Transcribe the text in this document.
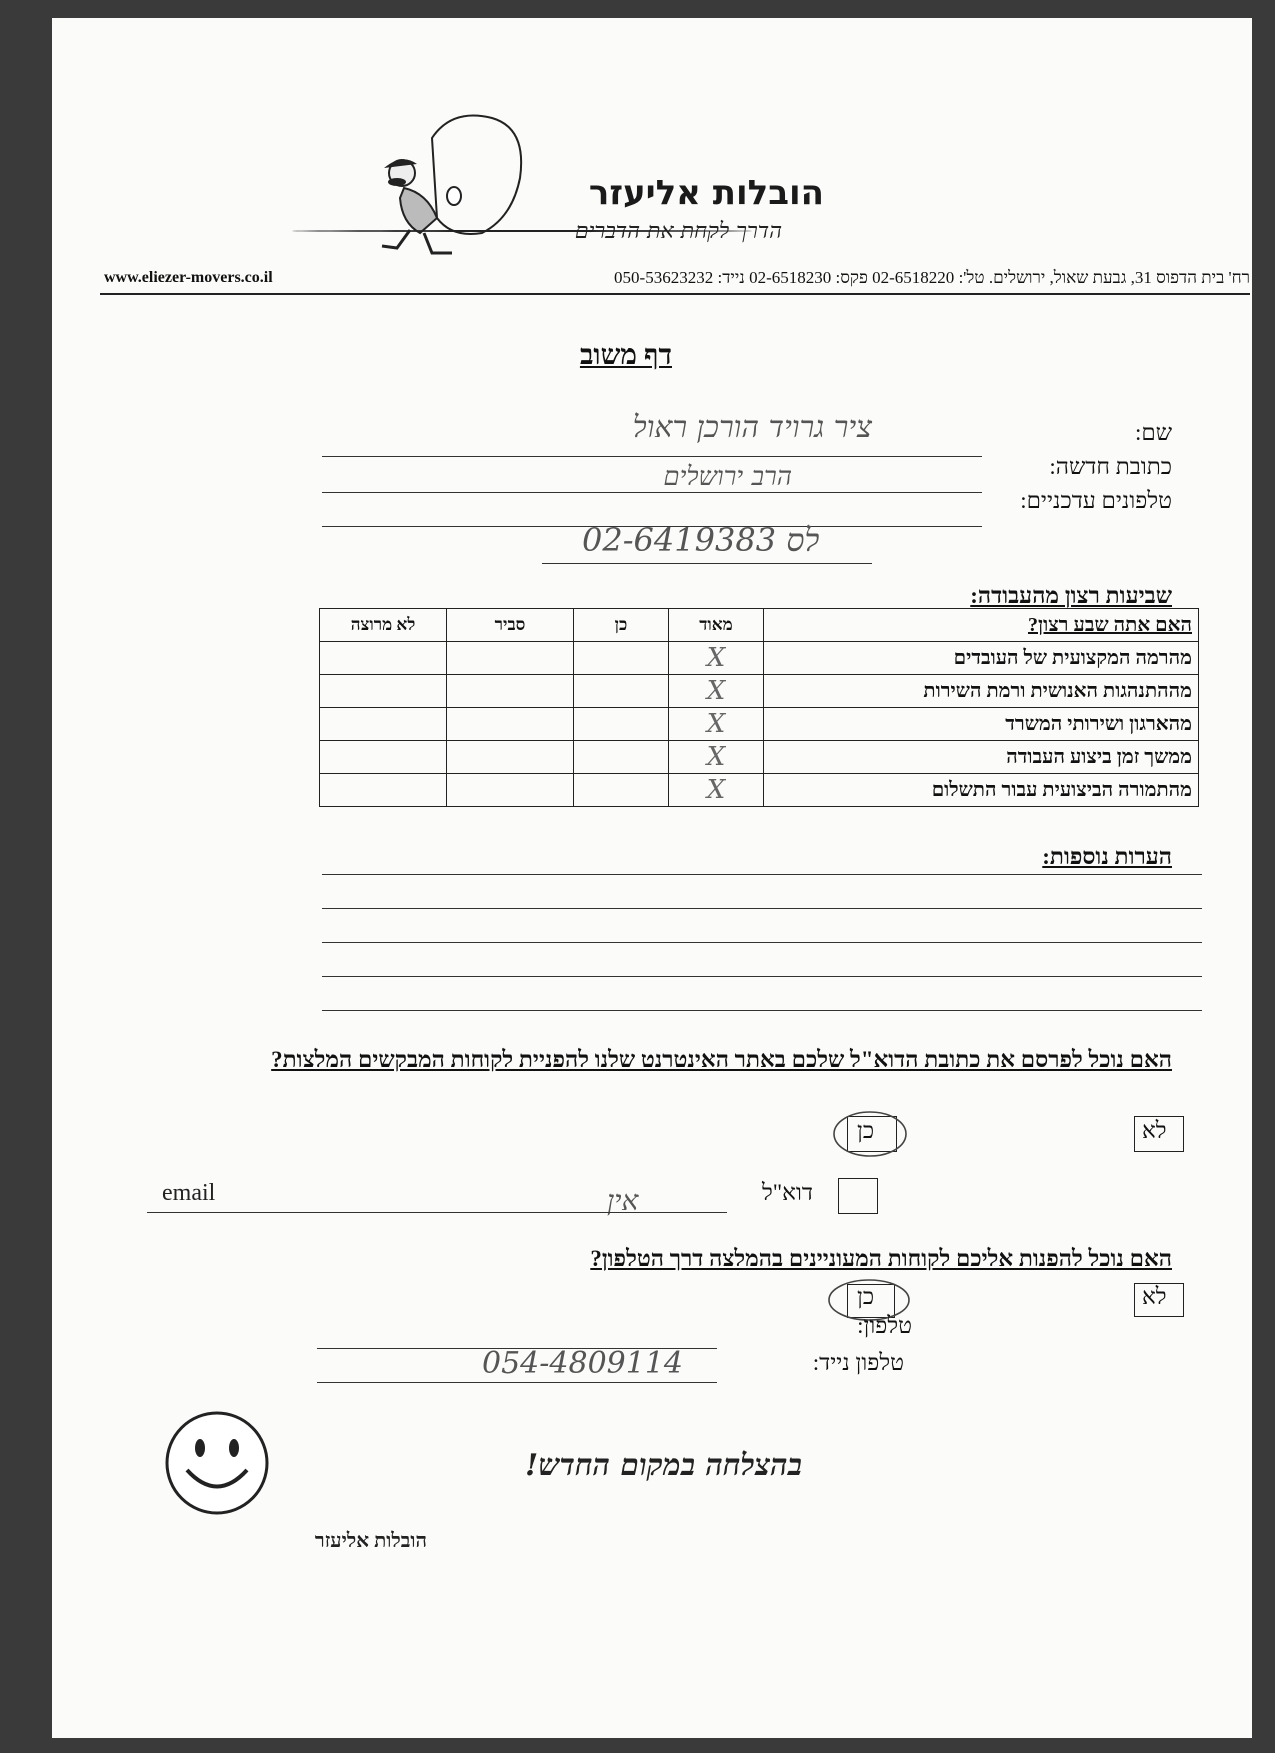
הובלות אליעזר
הדרך לקחת את הדברים
רח' בית הדפוס 31, גבעת שאול, ירושלים. טל': 02-6518220 פקס: 02-6518230 נייד: 050-53623232
www.eliezer-movers.co.il
דף משוב
שם:
ציר גרויד הורכן ראול
כתובת חדשה:
הרב ירושלים
טלפונים עדכניים:
02-6419383 לס
שביעות רצון מהעבודה:
האם אתה שבע רצון?	מאוד	כן	סביר	לא מרוצה
מהרמה המקצועית של העובדים	X			
מההתנהגות האנושית ורמת השירות	X			
מהארגון ושירותי המשרד	X			
ממשך זמן ביצוע העבודה	X			
מהתמורה הביצועית עבור התשלום	X			
הערות נוספות:
האם נוכל לפרסם את כתובת הדוא"ל שלכם באתר האינטרנט שלנו להפניית לקוחות המבקשים המלצות?
לא
כן
דוא"ל
email	אין
האם נוכל להפנות אליכם לקוחות המעוניינים בהמלצה דרך הטלפון?
לא
כן
טלפון:
טלפון נייד:
054-4809114
בהצלחה במקום החדש!
הובלות אליעזר
